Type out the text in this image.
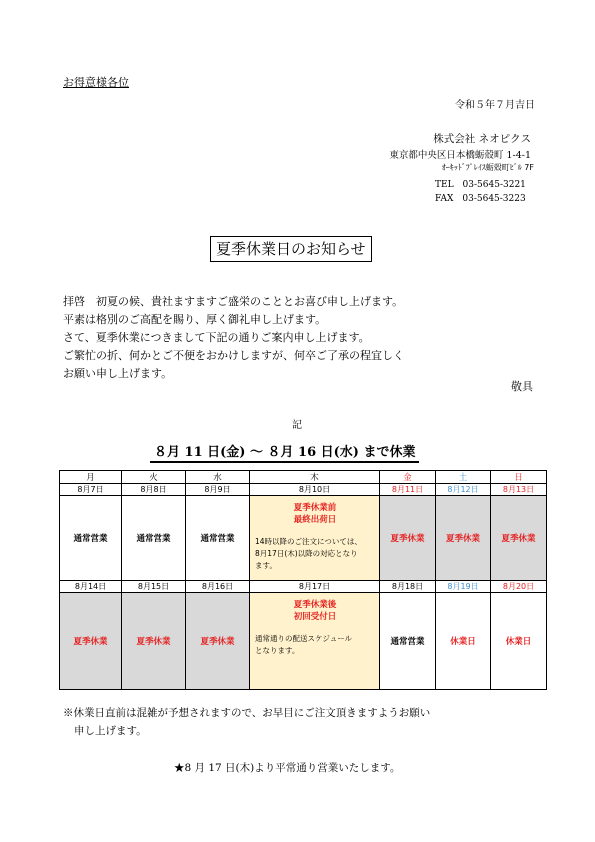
お得意様各位
令和５年７月吉日
株式会社 ネオピクス
東京都中央区日本橋蛎殻町 1-4-1
ｵｰｷｯﾄﾞﾌﾟﾚｲｽ蛎殻町ﾋﾞﾙ 7F
TEL　03-5645-3221
FAX　03-5645-3223
夏季休業日のお知らせ
拝啓　初夏の候、貴社ますますご盛栄のこととお喜び申し上げます。
平素は格別のご高配を賜り、厚く御礼申し上げます。
さて、夏季休業につきまして下記の通りご案内申し上げます。
ご繁忙の折、何かとご不便をおかけしますが、何卒ご了承の程宜しく
お願い申し上げます。
敬具
記
８月 11 日(金) ～ ８月 16 日(水) まで休業
月	火	水	木	金	土	日
8月7日	8月8日	8月9日	8月10日	8月11日	8月12日	8月13日
通常営業	通常営業	通常営業	夏季休業前
最終出荷日
14時以降のご注文については、
8月17日(木)以降の対応となり
ます。	夏季休業	夏季休業	夏季休業
8月14日	8月15日	8月16日	8月17日	8月18日	8月19日	8月20日
夏季休業	夏季休業	夏季休業	夏季休業後
初回受付日
通常通りの配送スケジュール
となります。	通常営業	休業日	休業日
※休業日直前は混雑が予想されますので、お早目にご注文頂きますようお願い
申し上げます。
★8 月 17 日(木)より平常通り営業いたします。
